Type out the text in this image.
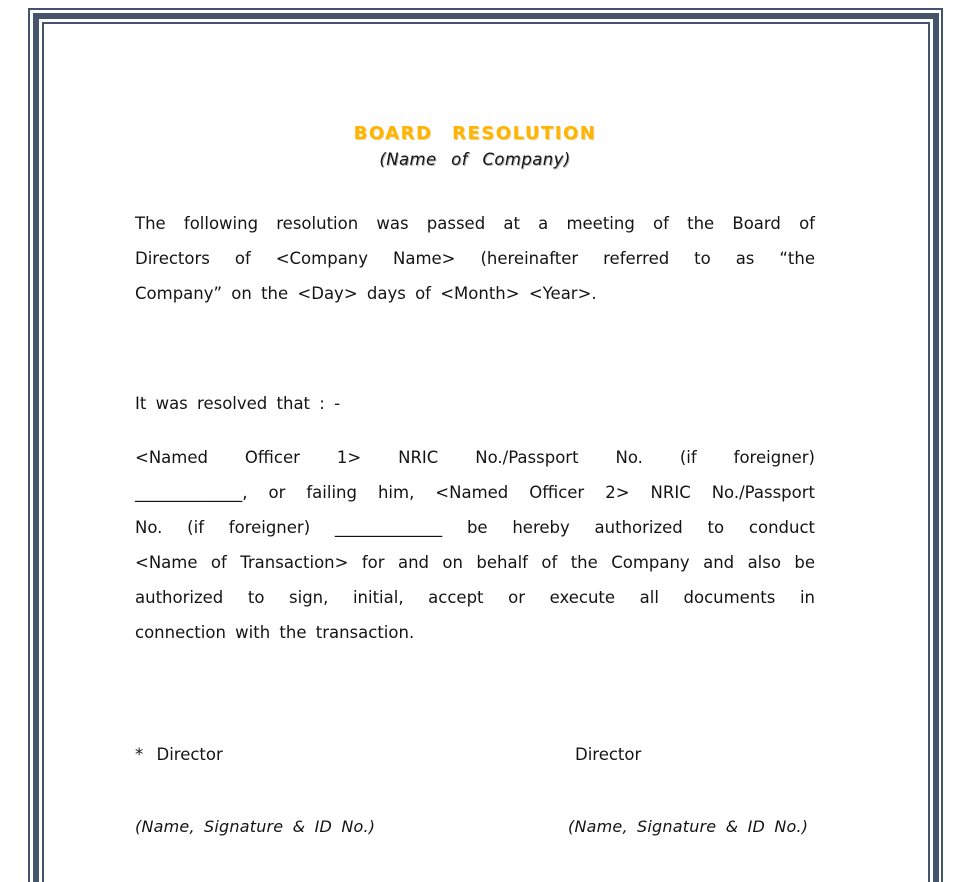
BOARD RESOLUTION
(Name of Company)
The following resolution was passed at a meeting of the Board of
Directors of <Company Name> (hereinafter referred to as “the
Company” on the <Day> days of <Month> <Year>.
It was resolved that : -
<Named Officer 1> NRIC No./Passport No. (if foreigner)
_____________, or failing him, <Named Officer 2> NRIC No./Passport
No. (if foreigner) _____________ be hereby authorized to conduct
<Name of Transaction> for and on behalf of the Company and also be
authorized to sign, initial, accept or execute all documents in
connection with the transaction.
* Director	Director
(Name, Signature & ID No.)	(Name, Signature & ID No.)
